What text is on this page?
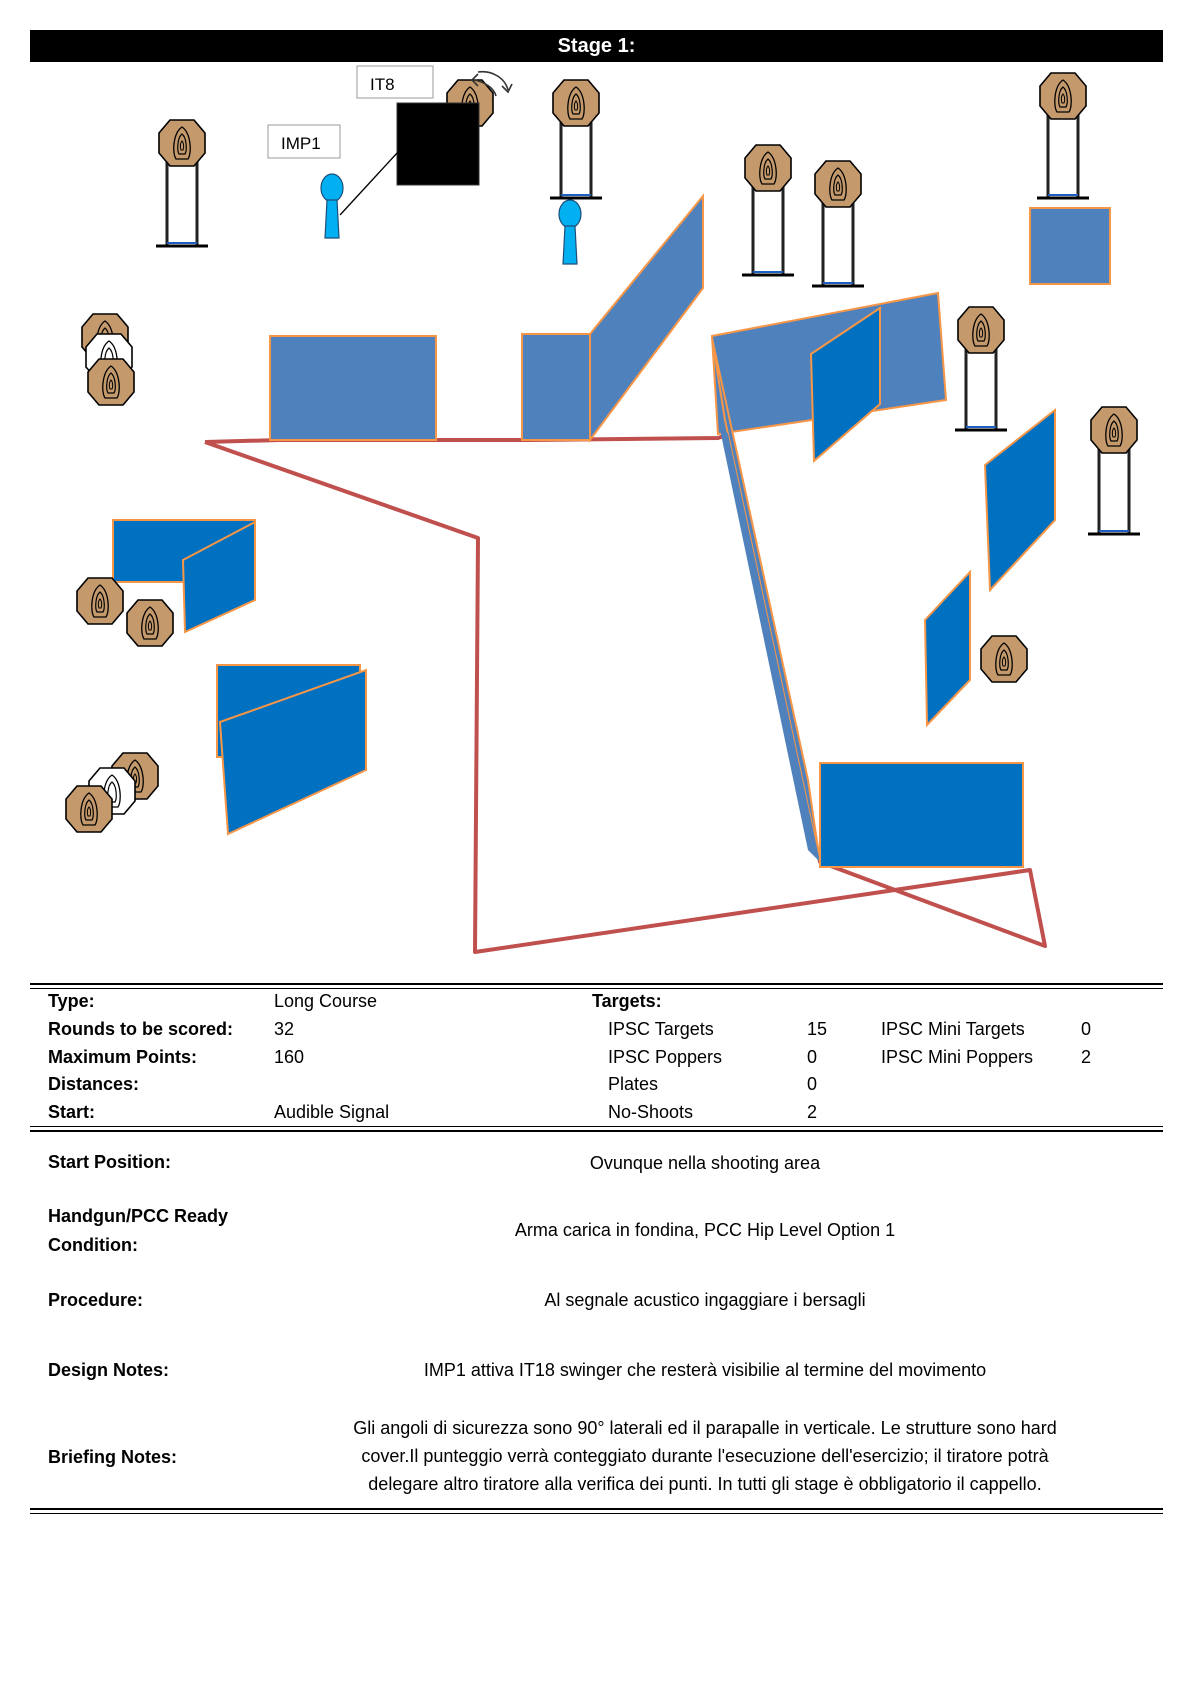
Stage 1:
IT8
IMP1
Type:	Long Course	Targets:
Rounds to be scored: 32	IPSC Targets	15	IPSC Mini Targets	0
Maximum Points:	160	IPSC Poppers	0	IPSC Mini Poppers	2
Distances:	Plates	0
Start:	Audible Signal	No-Shoots	2
Start Position:	Ovunque nella shooting area
Handgun/PCC Ready
Condition:
Arma carica in fondina, PCC Hip Level Option 1
Procedure:	Al segnale acustico ingaggiare i bersagli
Design Notes:	IMP1 attiva IT18 swinger che resterà visibilie al termine del movimento
Briefing Notes:
Gli angoli di sicurezza sono 90° laterali ed il parapalle in verticale. Le strutture sono hard
cover.Il punteggio verrà conteggiato durante l'esecuzione dell'esercizio; il tiratore potrà
delegare altro tiratore alla verifica dei punti. In tutti gli stage è obbligatorio il cappello.
